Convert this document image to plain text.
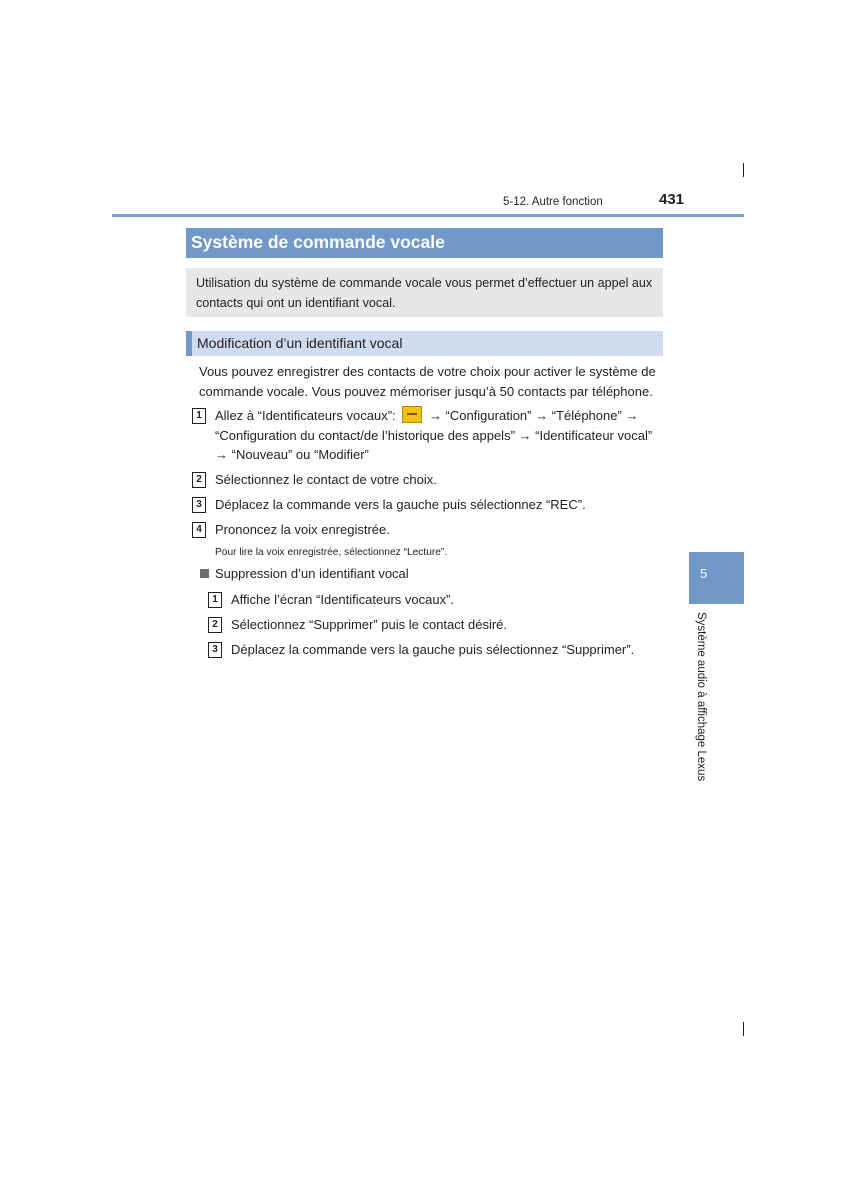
5-12. Autre fonction	431
Système de commande vocale
Utilisation du système de commande vocale vous permet d’effectuer un appel aux contacts qui ont un identifiant vocal.
Modification d’un identifiant vocal
Vous pouvez enregistrer des contacts de votre choix pour activer le système de commande vocale. Vous pouvez mémoriser jusqu’à 50 contacts par téléphone.
1	Allez à “Identificateurs vocaux”:	→ “Configuration” → “Téléphone” →
“Configuration du contact/de l’historique des appels” → “Identificateur vocal”
→ “Nouveau” ou “Modifier”
2	Sélectionnez le contact de votre choix.
3	Déplacez la commande vers la gauche puis sélectionnez “REC”.
4	Prononcez la voix enregistrée.
Pour lire la voix enregistrée, sélectionnez “Lecture”.
Suppression d’un identifiant vocal
1	Affiche l’écran “Identificateurs vocaux”.
2	Sélectionnez “Supprimer” puis le contact désiré.
3	Déplacez la commande vers la gauche puis sélectionnez “Supprimer”.
5
Système audio à affichage Lexus
